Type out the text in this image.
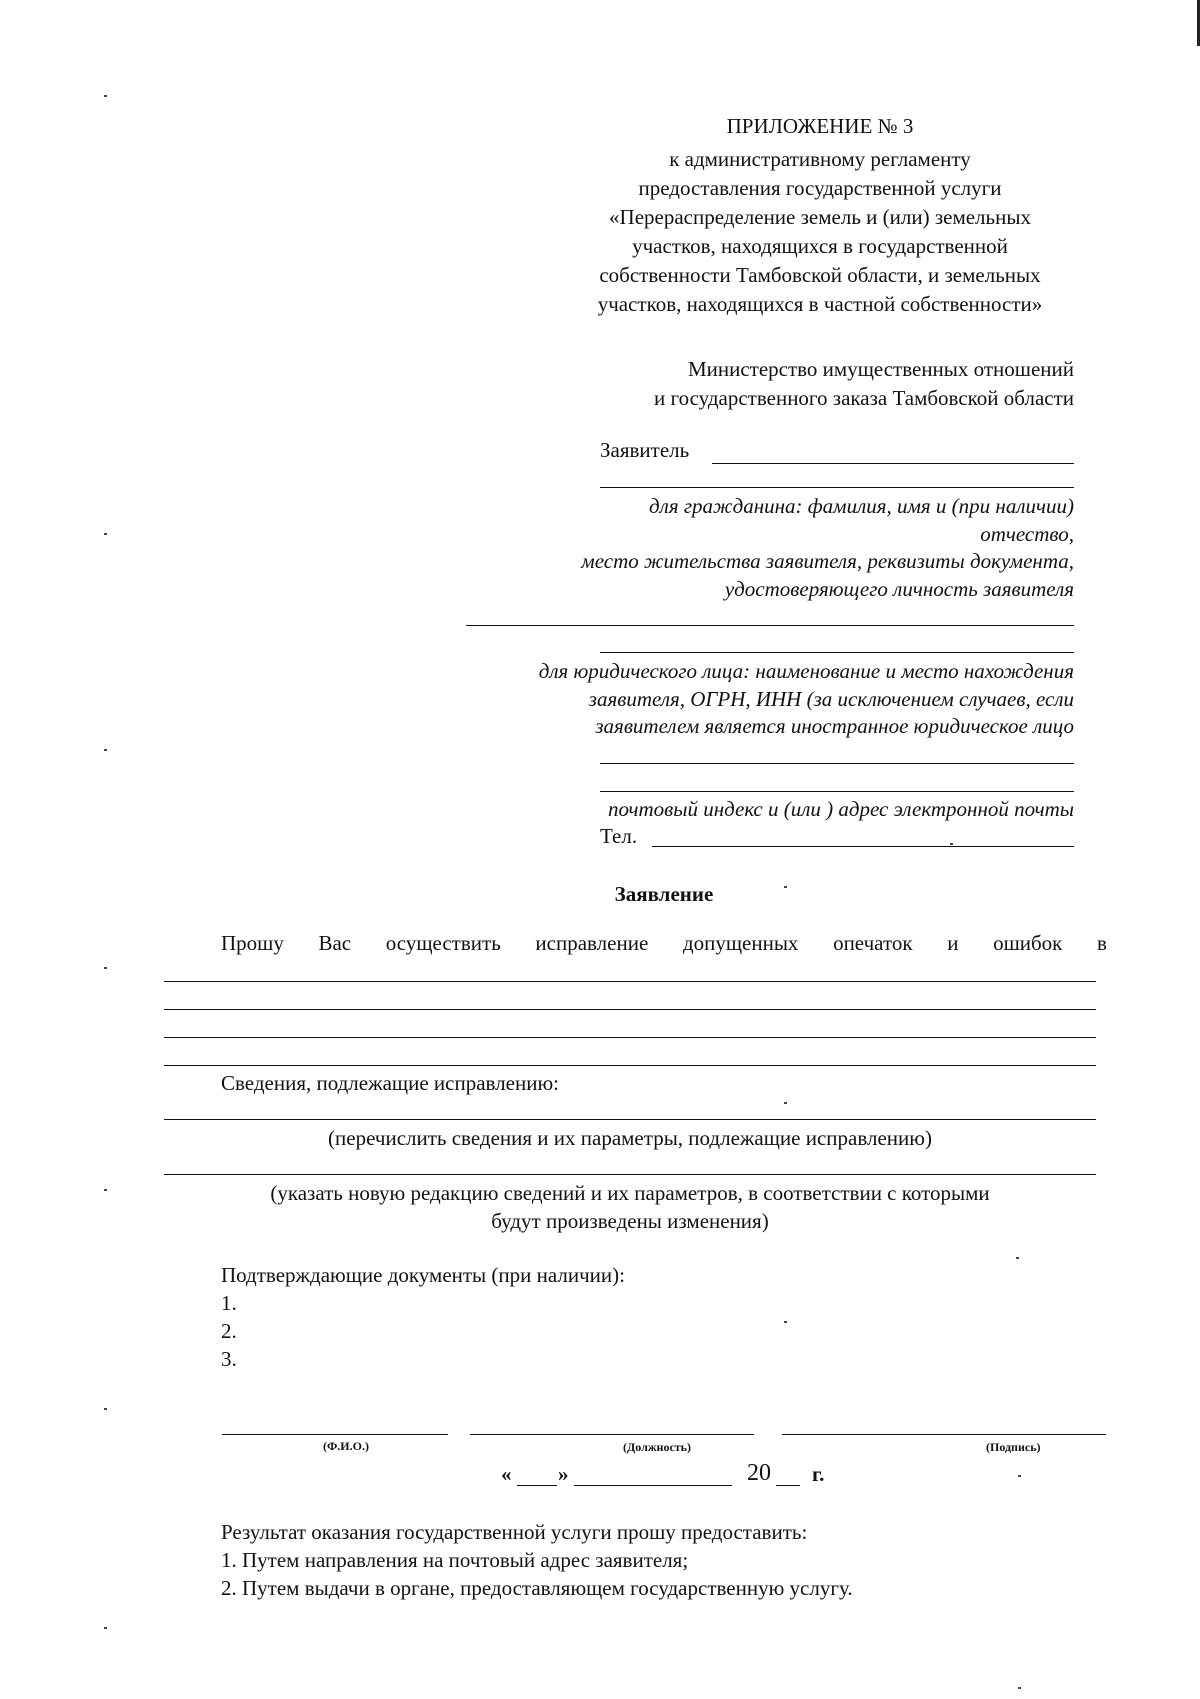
ПРИЛОЖЕНИЕ № 3
к административному регламенту
предоставления государственной услуги
«Перераспределение земель и (или) земельных
участков, находящихся в государственной
собственности Тамбовской области, и земельных
участков, находящихся в частной собственности»
Министерство имущественных отношений
и государственного заказа Тамбовской области
Заявитель
для гражданина: фамилия, имя и (при наличии)
отчество,
место жительства заявителя, реквизиты документа,
удостоверяющего личность заявителя
для юридического лица: наименование и место нахождения
заявителя, ОГРН, ИНН (за исключением случаев, если
заявителем является иностранное юридическое лицо
почтовый индекс и (или ) адрес электронной почты
Тел.
Заявление
Прошу Вас осуществить исправление допущенных опечаток и ошибок в
Сведения, подлежащие исправлению:
(перечислить сведения и их параметры, подлежащие исправлению)
(указать новую редакцию сведений и их параметров, в соответствии с которыми
будут произведены изменения)
Подтверждающие документы (при наличии):
1.
2.
3.
(Ф.И.О.)	(Должность)	(Подпись)
« »	20 г.
Результат оказания государственной услуги прошу предоставить:
1. Путем направления на почтовый адрес заявителя;
2. Путем выдачи в органе, предоставляющем государственную услугу.
